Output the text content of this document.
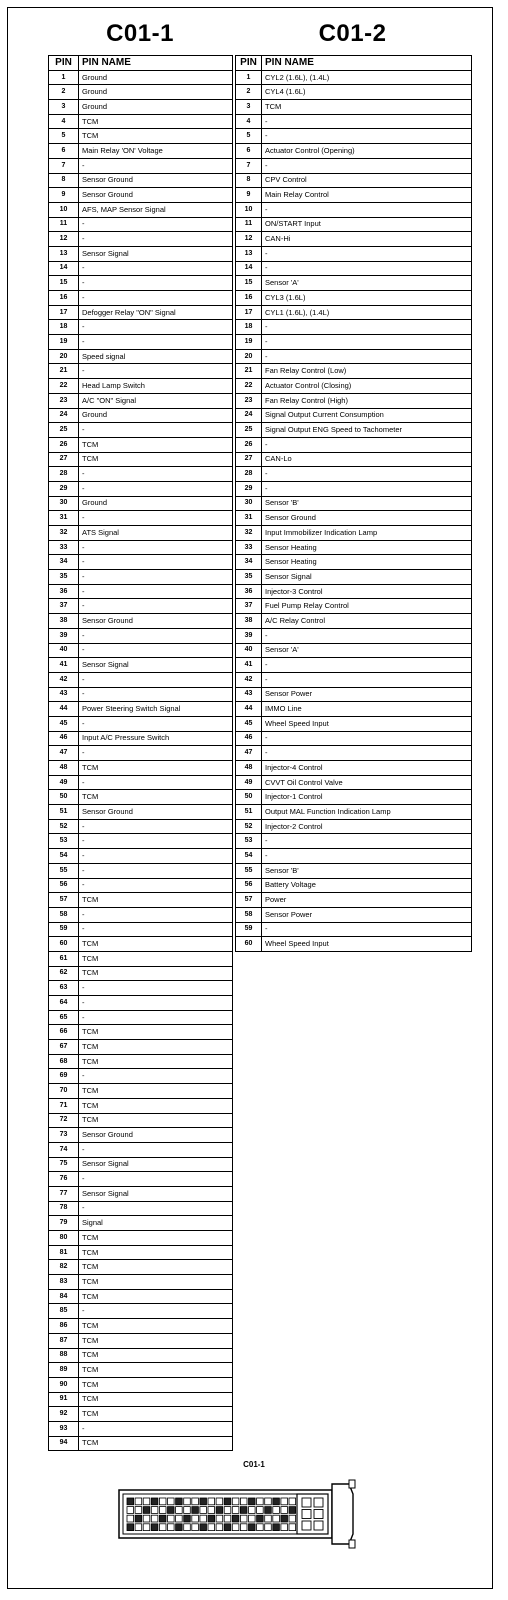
C01-1	C01-2
PIN	PIN NAME
1	Ground
2	Ground
3	Ground
4	TCM
5	TCM
6	Main Relay 'ON' Voltage
7	-
8	Sensor Ground
9	Sensor Ground
10	AFS, MAP Sensor Signal
11	-
12	-
13	Sensor Signal
14	-
15	-
16	-
17	Defogger Relay "ON" Signal
18	-
19	-
20	Speed signal
21	-
22	Head Lamp Switch
23	A/C "ON" Signal
24	Ground
25	-
26	TCM
27	TCM
28	-
29	-
30	Ground
31	-
32	ATS Signal
33	-
34	-
35	-
36	-
37	-
38	Sensor Ground
39	-
40	-
41	Sensor Signal
42	-
43	-
44	Power Steering Switch Signal
45	-
46	Input A/C Pressure Switch
47	-
48	TCM
49	-
50	TCM
51	Sensor Ground
52	-
53	-
54	-
55	-
56	-
57	TCM
58	-
59	-
60	TCM
61	TCM
62	TCM
63	-
64	-
65	-
66	TCM
67	TCM
68	TCM
69	-
70	TCM
71	TCM
72	TCM
73	Sensor Ground
74	-
75	Sensor Signal
76	-
77	Sensor Signal
78	-
79	Signal
80	TCM
81	TCM
82	TCM
83	TCM
84	TCM
85	-
86	TCM
87	TCM
88	TCM
89	TCM
90	TCM
91	TCM
92	TCM
93	-
94	TCM
PIN	PIN NAME
1	CYL2 (1.6L), (1.4L)
2	CYL4 (1.6L)
3	TCM
4	-
5	-
6	Actuator Control (Opening)
7	-
8	CPV Control
9	Main Relay Control
10	-
11	ON/START Input
12	CAN-Hi
13	-
14	-
15	Sensor 'A'
16	CYL3 (1.6L)
17	CYL1 (1.6L), (1.4L)
18	-
19	-
20	-
21	Fan Relay Control (Low)
22	Actuator Control (Closing)
23	Fan Relay Control (High)
24	Signal Output Current Consumption
25	Signal Output ENG Speed to Tachometer
26	-
27	CAN-Lo
28	-
29	-
30	Sensor 'B'
31	Sensor Ground
32	Input Immobilizer Indication Lamp
33	Sensor Heating
34	Sensor Heating
35	Sensor Signal
36	Injector-3 Control
37	Fuel Pump Relay Control
38	A/C Relay Control
39	-
40	Sensor 'A'
41	-
42	-
43	Sensor Power
44	IMMO Line
45	Wheel Speed Input
46	-
47	-
48	Injector-4 Control
49	CVVT Oil Control Valve
50	Injector-1 Control
51	Output MAL Function Indication Lamp
52	Injector-2 Control
53	-
54	-
55	Sensor 'B'
56	Battery Voltage
57	Power
58	Sensor Power
59	-
60	Wheel Speed Input
C01-1
